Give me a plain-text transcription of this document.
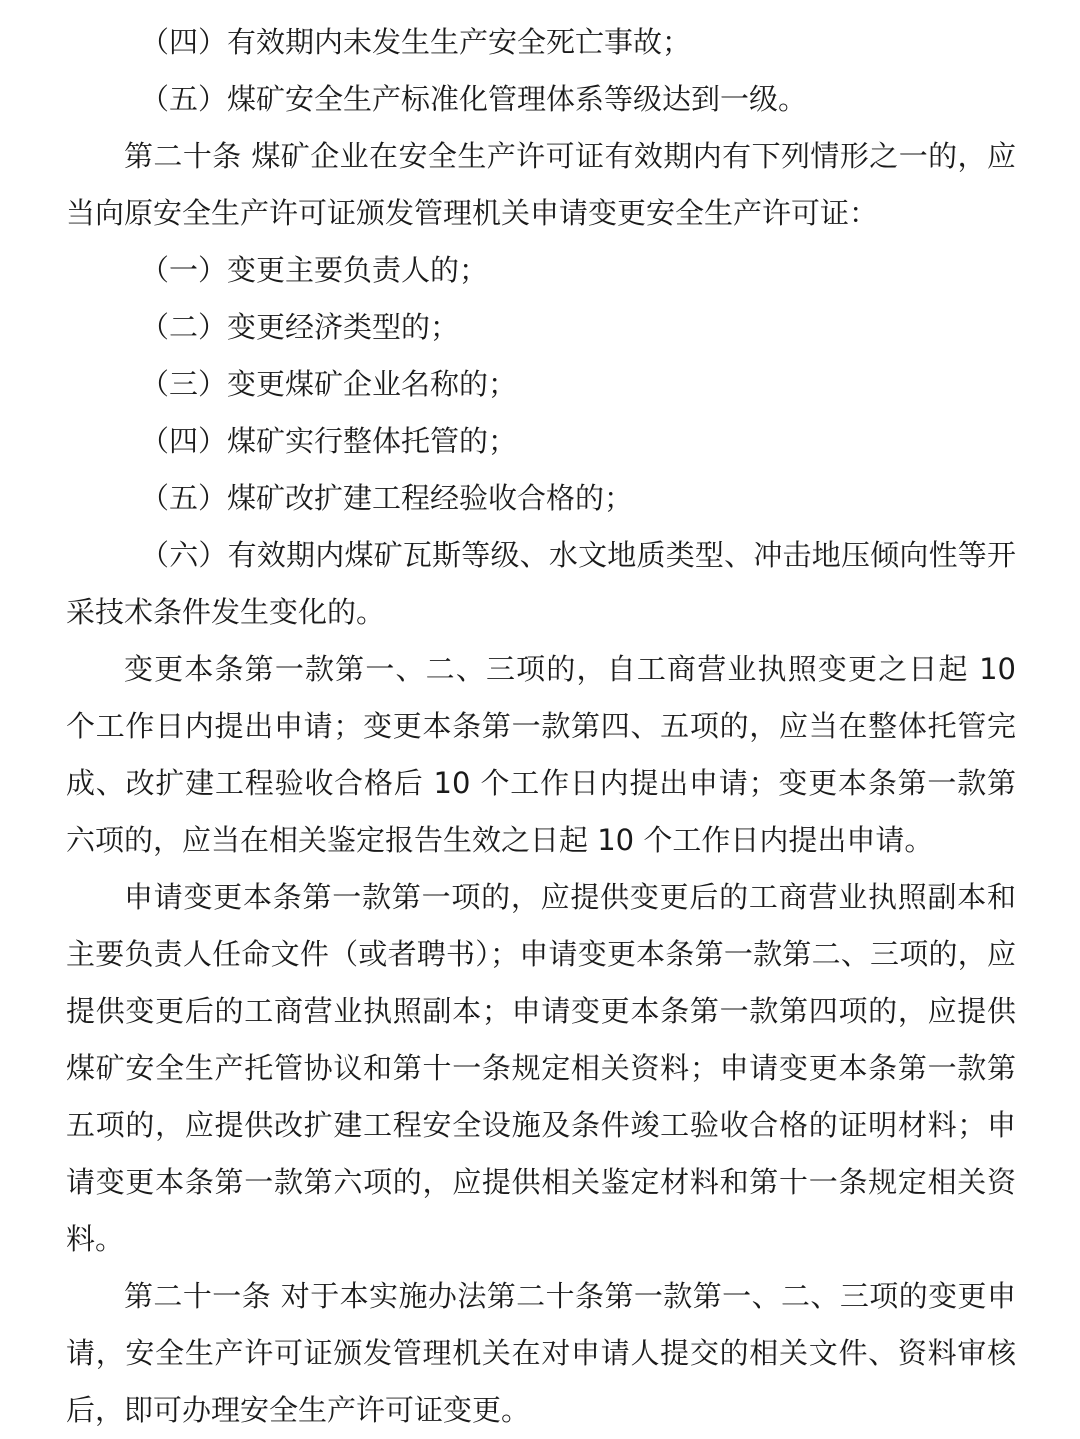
（四）有效期内未发生生产安全死亡事故；

（五）煤矿安全生产标准化管理体系等级达到一级。

第二十条 煤矿企业在安全生产许可证有效期内有下列情形之一的，应当向原安全生产许可证颁发管理机关申请变更安全生产许可证：

（一）变更主要负责人的；

（二）变更经济类型的；

（三）变更煤矿企业名称的；

（四）煤矿实行整体托管的；

（五）煤矿改扩建工程经验收合格的；

（六）有效期内煤矿瓦斯等级、水文地质类型、冲击地压倾向性等开采技术条件发生变化的。

变更本条第一款第一、二、三项的，自工商营业执照变更之日起 10 个工作日内提出申请；变更本条第一款第四、五项的，应当在整体托管完成、改扩建工程验收合格后 10 个工作日内提出申请；变更本条第一款第六项的，应当在相关鉴定报告生效之日起 10 个工作日内提出申请。

申请变更本条第一款第一项的，应提供变更后的工商营业执照副本和主要负责人任命文件（或者聘书）；申请变更本条第一款第二、三项的，应提供变更后的工商营业执照副本；申请变更本条第一款第四项的，应提供煤矿安全生产托管协议和第十一条规定相关资料；申请变更本条第一款第五项的，应提供改扩建工程安全设施及条件竣工验收合格的证明材料；申请变更本条第一款第六项的，应提供相关鉴定材料和第十一条规定相关资料。

第二十一条 对于本实施办法第二十条第一款第一、二、三项的变更申请，安全生产许可证颁发管理机关在对申请人提交的相关文件、资料审核后，即可办理安全生产许可证变更。
